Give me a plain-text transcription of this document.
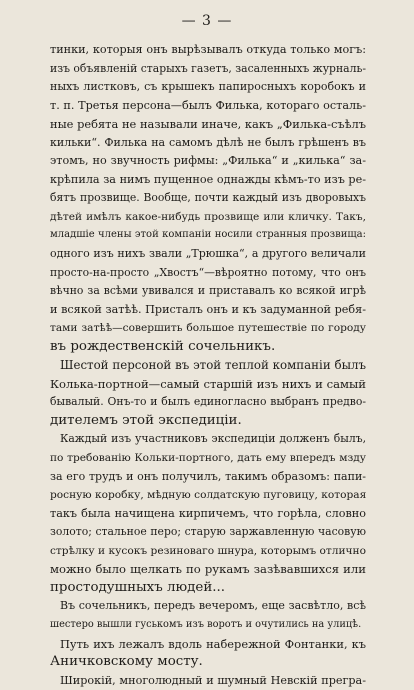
— 3 —
тинки, которыя онъ вырѣзывалъ откуда только могъ:
изъ объявленій старыхъ газетъ, засаленныхъ журналь-
ныхъ листковъ, съ крышекъ папиросныхъ коробокъ и
т. п. Третья персона—былъ Филька, котораго осталь-
ные ребята не называли иначе, какъ „Филька-съѣлъ
кильки“. Филька на самомъ дѣлѣ не былъ грѣшенъ въ
этомъ, но звучность рифмы: „Филька“ и „килька“ за-
крѣпила за нимъ пущенное однажды кѣмъ-то изъ ре-
бятъ прозвище. Вообще, почти каждый изъ дворовыхъ
дѣтей имѣлъ какое-нибудь прозвище или кличку. Такъ,
младшіе члены этой компаніи носили странныя прозвища:
одного изъ нихъ звали „Трюшка“, а другого величали
просто-на-просто „Хвостъ“—вѣроятно потому, что онъ
вѣчно за всѣми увивался и приставалъ ко всякой игрѣ
и всякой затѣѣ. Присталъ онъ и къ задуманной ребя-
тами затѣѣ—совершить большое путешествіе по городу
въ рождественскій сочельникъ.
Шестой персоной въ этой теплой компаніи былъ
Колька-портной—самый старшій изъ нихъ и самый
бывалый. Онъ-то и былъ единогласно выбранъ предво-
дителемъ этой экспедиціи.
Каждый изъ участниковъ экспедиціи долженъ былъ,
по требованію Кольки-портного, дать ему впередъ мзду
за его трудъ и онъ получилъ, такимъ образомъ: папи-
росную коробку, мѣдную солдатскую пуговицу, которая
такъ была начищена кирпичемъ, что горѣла, словно
золото; стальное перо; старую заржавленную часовую
стрѣлку и кусокъ резиноваго шнура, которымъ отлично
можно было щелкать по рукамъ зазѣвавшихся или
простодушныхъ людей...
Въ сочельникъ, передъ вечеромъ, еще засвѣтло, всѣ
шестеро вышли гуськомъ изъ воротъ и очутились на улицѣ.
Путь ихъ лежалъ вдоль набережной Фонтанки, къ
Аничковскому мосту.
Широкій, многолюдный и шумный Невскій прегра-
